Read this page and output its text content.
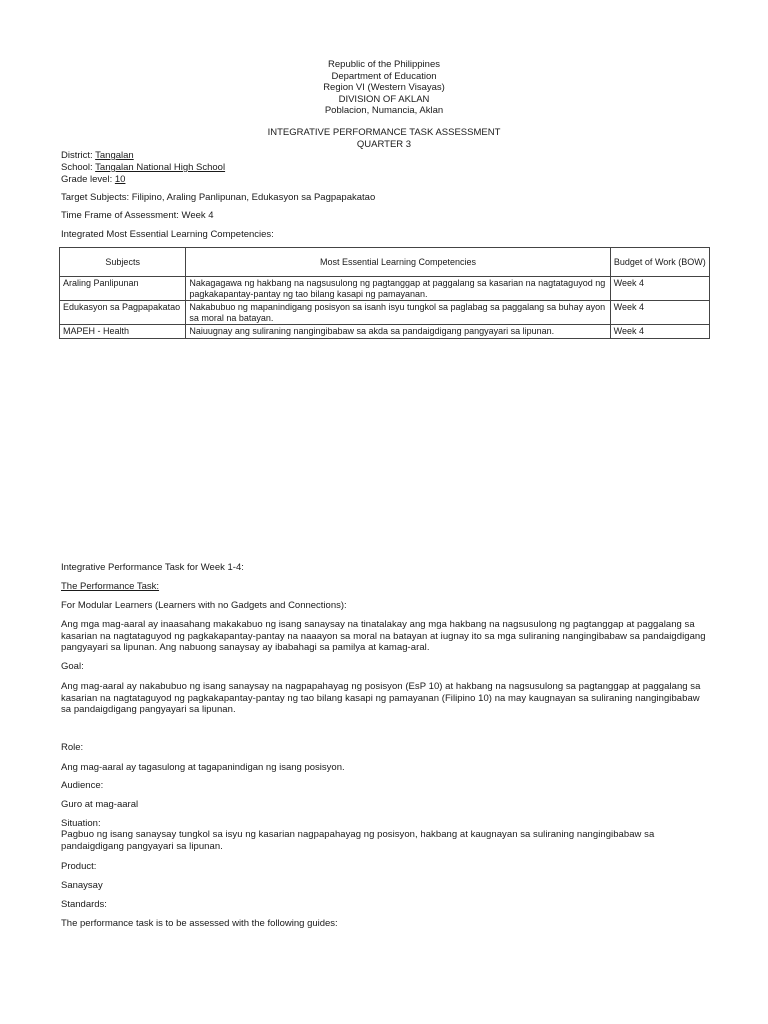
Republic of the Philippines
Department of Education
Region VI (Western Visayas)
DIVISION OF AKLAN
Poblacion, Numancia, Aklan
INTEGRATIVE PERFORMANCE TASK ASSESSMENT
QUARTER 3
District: Tangalan
School: Tangalan National High School
Grade level: 10
Target Subjects: Filipino, Araling Panlipunan, Edukasyon sa Pagpapakatao
Time Frame of Assessment: Week 4
Integrated Most Essential Learning Competencies:
Subjects	Most Essential Learning Competencies	Budget of Work (BOW)
Araling Panlipunan	Nakagagawa ng hakbang na nagsusulong ng pagtanggap at paggalang sa kasarian na nagtataguyod ng pagkakapantay-pantay ng tao bilang kasapi ng pamayanan.	Week 4
Edukasyon sa Pagpapakatao	Nakabubuo ng mapanindigang posisyon sa isanh isyu tungkol sa paglabag sa paggalang sa buhay ayon sa moral na batayan.	Week 4
MAPEH - Health	Naiuugnay ang suliraning nangingibabaw sa akda sa pandaigdigang pangyayari sa lipunan.	Week 4
Integrative Performance Task for Week 1-4:
The Performance Task:
For Modular Learners (Learners with no Gadgets and Connections):
Ang mga mag-aaral ay inaasahang makakabuo ng isang sanaysay na tinatalakay ang mga hakbang na nagsusulong ng pagtanggap at paggalang sa kasarian na nagtataguyod ng pagkakapantay-pantay na naaayon sa moral na batayan at iugnay ito sa mga suliraning nangingibabaw sa pandaigdigang pangyayari sa lipunan. Ang nabuong sanaysay ay ibabahagi sa pamilya at kamag-aral.
Goal:
Ang mag-aaral ay nakabubuo ng isang sanaysay na nagpapahayag ng posisyon (EsP 10) at hakbang na nagsusulong sa pagtanggap at paggalang sa kasarian na nagtataguyod ng pagkakapantay-pantay ng tao bilang kasapi ng pamayanan (Filipino 10) na may kaugnayan sa suliraning nangingibabaw sa pandaigdigang pangyayari sa lipunan.
Role:
Ang mag-aaral ay tagasulong at tagapanindigan ng isang posisyon.
Audience:
Guro at mag-aaral
Situation:
Pagbuo ng isang sanaysay tungkol sa isyu ng kasarian nagpapahayag ng posisyon, hakbang at kaugnayan sa suliraning nangingibabaw sa pandaigdigang pangyayari sa lipunan.
Product:
Sanaysay
Standards:
The performance task is to be assessed with the following guides:
